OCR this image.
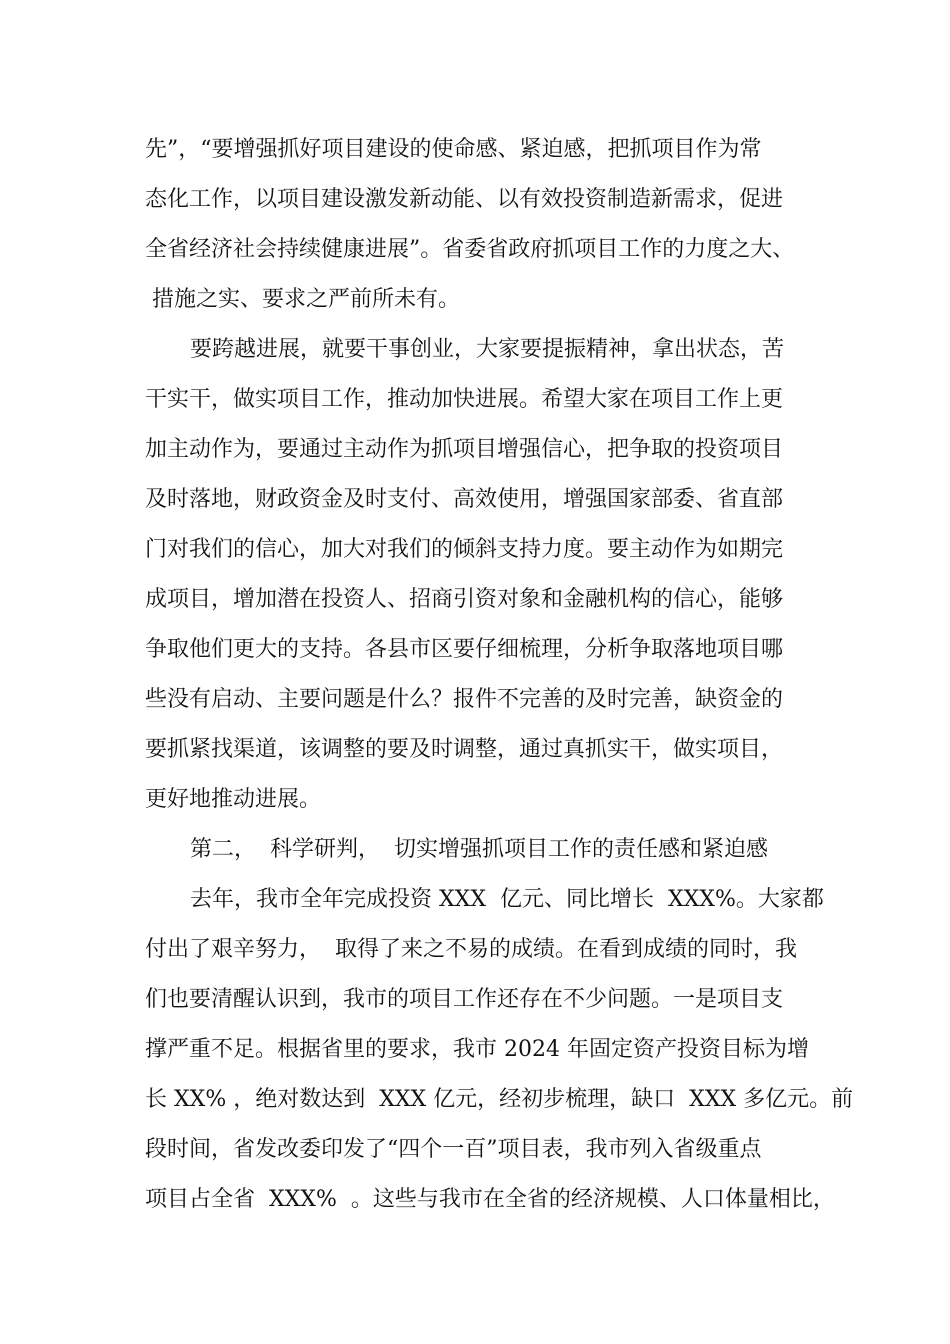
先”，“要增强抓好项目建设的使命感、紧迫感，把抓项目作为常
态化工作，以项目建设激发新动能、以有效投资制造新需求，促进
全省经济社会持续健康进展”。省委省政府抓项目工作的力度之大、
措施之实、要求之严前所未有。
要跨越进展，就要干事创业，大家要提振精神，拿出状态，苦
干实干，做实项目工作，推动加快进展。希望大家在项目工作上更
加主动作为，要通过主动作为抓项目增强信心，把争取的投资项目
及时落地，财政资金及时支付、高效使用，增强国家部委、省直部
门对我们的信心，加大对我们的倾斜支持力度。要主动作为如期完
成项目，增加潜在投资人、招商引资对象和金融机构的信心，能够
争取他们更大的支持。各县市区要仔细梳理，分析争取落地项目哪
些没有启动、主要问题是什么？报件不完善的及时完善，缺资金的
要抓紧找渠道，该调整的要及时调整，通过真抓实干，做实项目，
更好地推动进展。
第二，  科学研判，  切实增强抓项目工作的责任感和紧迫感
去年，我市全年完成投资 XXX  亿元、同比增长  XXX%。大家都
付出了艰辛努力，  取得了来之不易的成绩。在看到成绩的同时，我
们也要清醒认识到，我市的项目工作还存在不少问题。一是项目支
撑严重不足。根据省里的要求，我市 2024 年固定资产投资目标为增
长 XX% ，绝对数达到  XXX 亿元，经初步梳理，缺口  XXX 多亿元。前
段时间，省发改委印发了“四个一百”项目表，我市列入省级重点
项目占全省  XXX%  。这些与我市在全省的经济规模、人口体量相比，
